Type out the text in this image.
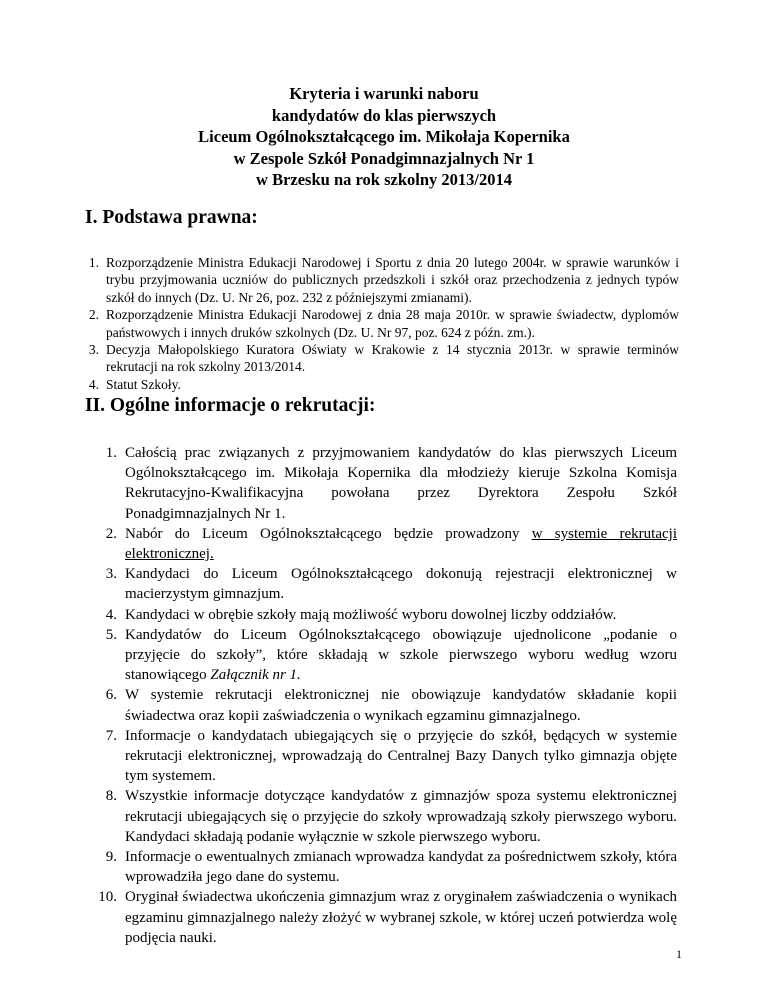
Kryteria i warunki naboru
kandydatów do klas pierwszych
Liceum Ogólnokształcącego im. Mikołaja Kopernika
w Zespole Szkół Ponadgimnazjalnych Nr 1
w Brzesku na rok szkolny 2013/2014
I. Podstawa prawna:
1. Rozporządzenie Ministra Edukacji Narodowej i Sportu z dnia 20 lutego 2004r. w sprawie warunków i trybu przyjmowania uczniów do publicznych przedszkoli i szkół oraz przechodzenia z jednych typów szkół do innych (Dz. U. Nr 26, poz. 232 z późniejszymi zmianami).
2. Rozporządzenie Ministra Edukacji Narodowej z dnia 28 maja 2010r. w sprawie świadectw, dyplomów państwowych i innych druków szkolnych (Dz. U. Nr 97, poz. 624 z późn. zm.).
3. Decyzja Małopolskiego Kuratora Oświaty w Krakowie z 14 stycznia 2013r. w sprawie terminów rekrutacji na rok szkolny 2013/2014.
4. Statut Szkoły.
II. Ogólne informacje o rekrutacji:
1. Całością prac związanych z przyjmowaniem kandydatów do klas pierwszych Liceum Ogólnokształcącego im. Mikołaja Kopernika dla młodzieży kieruje Szkolna Komisja Rekrutacyjno-Kwalifikacyjna powołana przez Dyrektora Zespołu Szkół Ponadgimnazjalnych Nr 1.
2. Nabór do Liceum Ogólnokształcącego będzie prowadzony w systemie rekrutacji elektronicznej.
3. Kandydaci do Liceum Ogólnokształcącego dokonują rejestracji elektronicznej w macierzystym gimnazjum.
4. Kandydaci w obrębie szkoły mają możliwość wyboru dowolnej liczby oddziałów.
5. Kandydatów do Liceum Ogólnokształcącego obowiązuje ujednolicone „podanie o przyjęcie do szkoły”, które składają w szkole pierwszego wyboru według wzoru stanowiącego Załącznik nr 1.
6. W systemie rekrutacji elektronicznej nie obowiązuje kandydatów składanie kopii świadectwa oraz kopii zaświadczenia o wynikach egzaminu gimnazjalnego.
7. Informacje o kandydatach ubiegających się o przyjęcie do szkół, będących w systemie rekrutacji elektronicznej, wprowadzają do Centralnej Bazy Danych tylko gimnazja objęte tym systemem.
8. Wszystkie informacje dotyczące kandydatów z gimnazjów spoza systemu elektronicznej rekrutacji ubiegających się o przyjęcie do szkoły wprowadzają szkoły pierwszego wyboru. Kandydaci składają podanie wyłącznie w szkole pierwszego wyboru.
9. Informacje o ewentualnych zmianach wprowadza kandydat za pośrednictwem szkoły, która wprowadziła jego dane do systemu.
10. Oryginał świadectwa ukończenia gimnazjum wraz z oryginałem zaświadczenia o wynikach egzaminu gimnazjalnego należy złożyć w wybranej szkole, w której uczeń potwierdza wolę podjęcia nauki.
1
